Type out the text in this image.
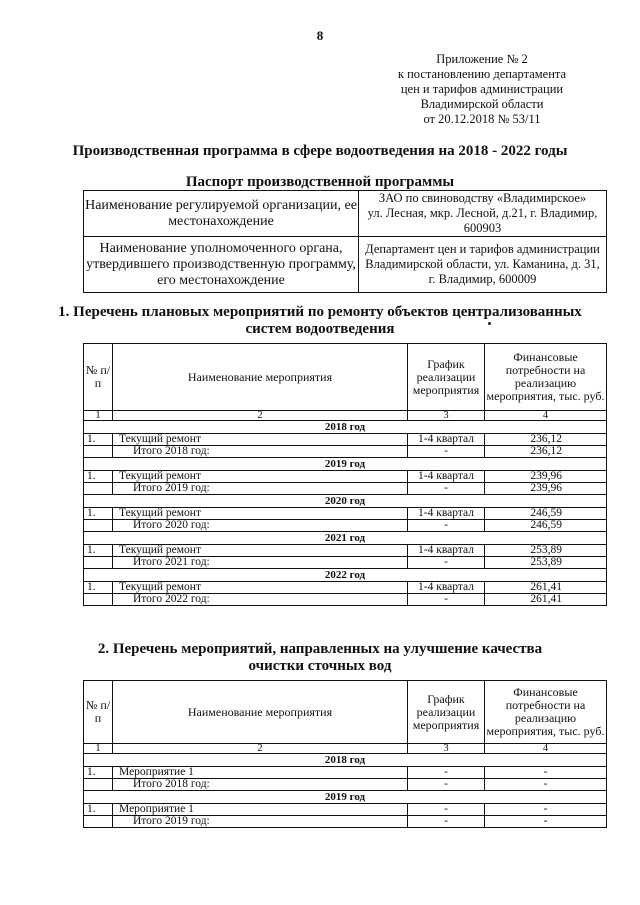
8
Приложение № 2
к постановлению департамента
цен и тарифов администрации
Владимирской области
от 20.12.2018 № 53/11
Производственная программа в сфере водоотведения на 2018 - 2022 годы
Паспорт производственной программы
Наименование регулируемой организации, ее местонахождение	ЗАО по свиноводству «Владимирское»
ул. Лесная, мкр. Лесной, д.21, г. Владимир,
600903

Наименование уполномоченного органа, утвердившего производственную программу, его местонахождение	Департамент цен и тарифов администрации
Владимирской области, ул. Каманина, д. 31,
г. Владимир, 600009
1. Перечень плановых мероприятий по ремонту объектов централизованных
систем водоотведения
№ п/п	Наименование мероприятия	График реализации мероприятия	Финансовые потребности на реализацию мероприятия, тыс. руб.
1	2	3	4
2018 год			
1.	Текущий ремонт	1-4 квартал	236,12
	Итого 2018 год:	-	236,12
2019 год			
1.	Текущий ремонт	1-4 квартал	239,96
	Итого 2019 год:	-	239,96
2020 год			
1.	Текущий ремонт	1-4 квартал	246,59
	Итого 2020 год:	-	246,59
2021 год			
1.	Текущий ремонт	1-4 квартал	253,89
	Итого 2021 год:	-	253,89
2022 год			
1.	Текущий ремонт	1-4 квартал	261,41
	Итого 2022 год:	-	261,41
2. Перечень мероприятий, направленных на улучшение качества
очистки сточных вод
№ п/п	Наименование мероприятия	График реализации мероприятия	Финансовые потребности на реализацию мероприятия, тыс. руб.
1	2	3	4
2018 год			
1.	Мероприятие 1	-	-
	Итого 2018 год:	-	-
2019 год			
1.	Мероприятие 1	-	-
	Итого 2019 год:	-	-
